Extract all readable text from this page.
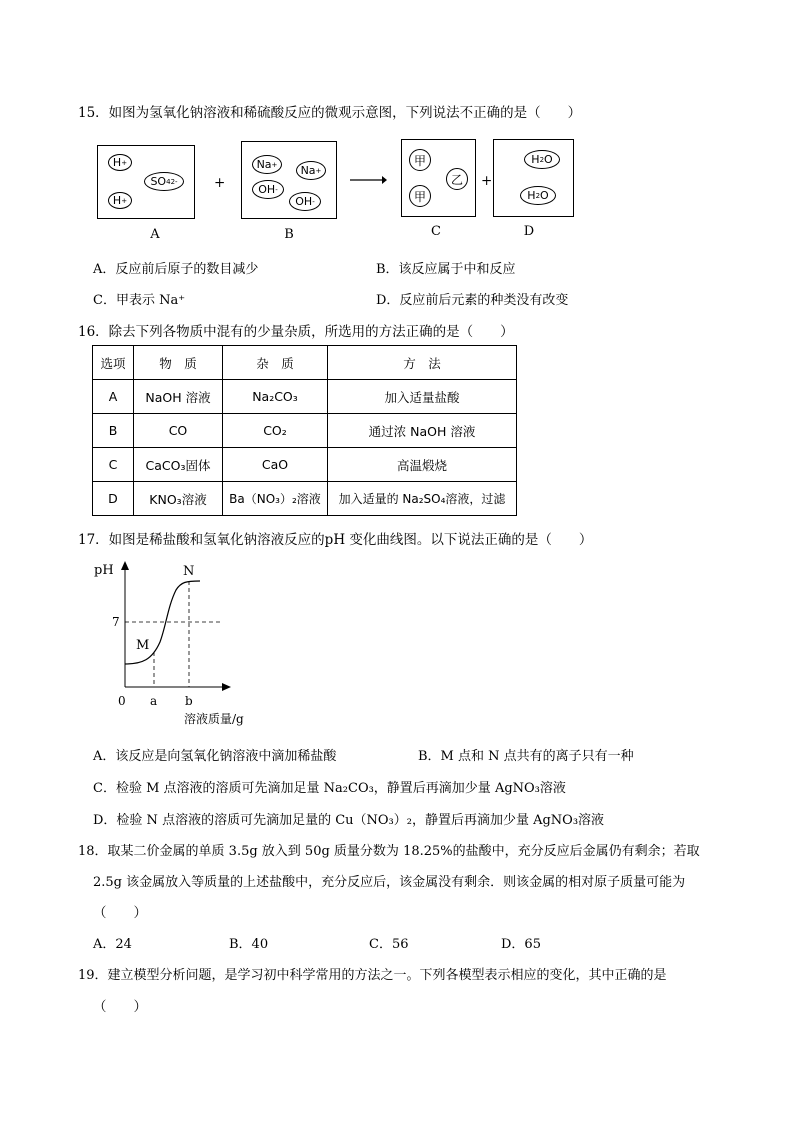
15．如图为氢氧化钠溶液和稀硫酸反应的微观示意图，下列说法不正确的是（　　）
H +
SO 4 2-
H +
+
Na +	Na +
OH -
OH -
甲
乙
甲
+
H 2 O
H 2 O
A	B	C	D
A．反应前后原子的数目减少	B．该反应属于中和反应
C．甲表示 Na⁺	D．反应前后元素的种类没有改变
16．除去下列各物质中混有的少量杂质，所选用的方法正确的是（　　）
选项	物　质	杂　质	方　法
A	NaOH 溶液	Na₂CO₃	加入适量盐酸
B	CO	CO₂	通过浓 NaOH 溶液
C	CaCO₃固体	CaO	高温煅烧
D	KNO₃溶液	Ba（NO₃）₂溶液	加入适量的 Na₂SO₄溶液，过滤
17．如图是稀盐酸和氢氧化钠溶液反应的pH 变化曲线图。以下说法正确的是（　　）
pH
7
M
N
0 a b
溶液质量/g
A．该反应是向氢氧化钠溶液中滴加稀盐酸	B．M 点和 N 点共有的离子只有一种
C．检验 M 点溶液的溶质可先滴加足量 Na₂CO₃，静置后再滴加少量 AgNO₃溶液
D．检验 N 点溶液的溶质可先滴加足量的 Cu（NO₃）₂，静置后再滴加少量 AgNO₃溶液
18．取某二价金属的单质 3.5g 放入到 50g 质量分数为 18.25%的盐酸中，充分反应后金属仍有剩余；若取
2.5g 该金属放入等质量的上述盐酸中，充分反应后，该金属没有剩余．则该金属的相对原子质量可能为
（　　）
A．24	B．40	C．56	D．65
19．建立模型分析问题，是学习初中科学常用的方法之一。下列各模型表示相应的变化，其中正确的是
（　　）
